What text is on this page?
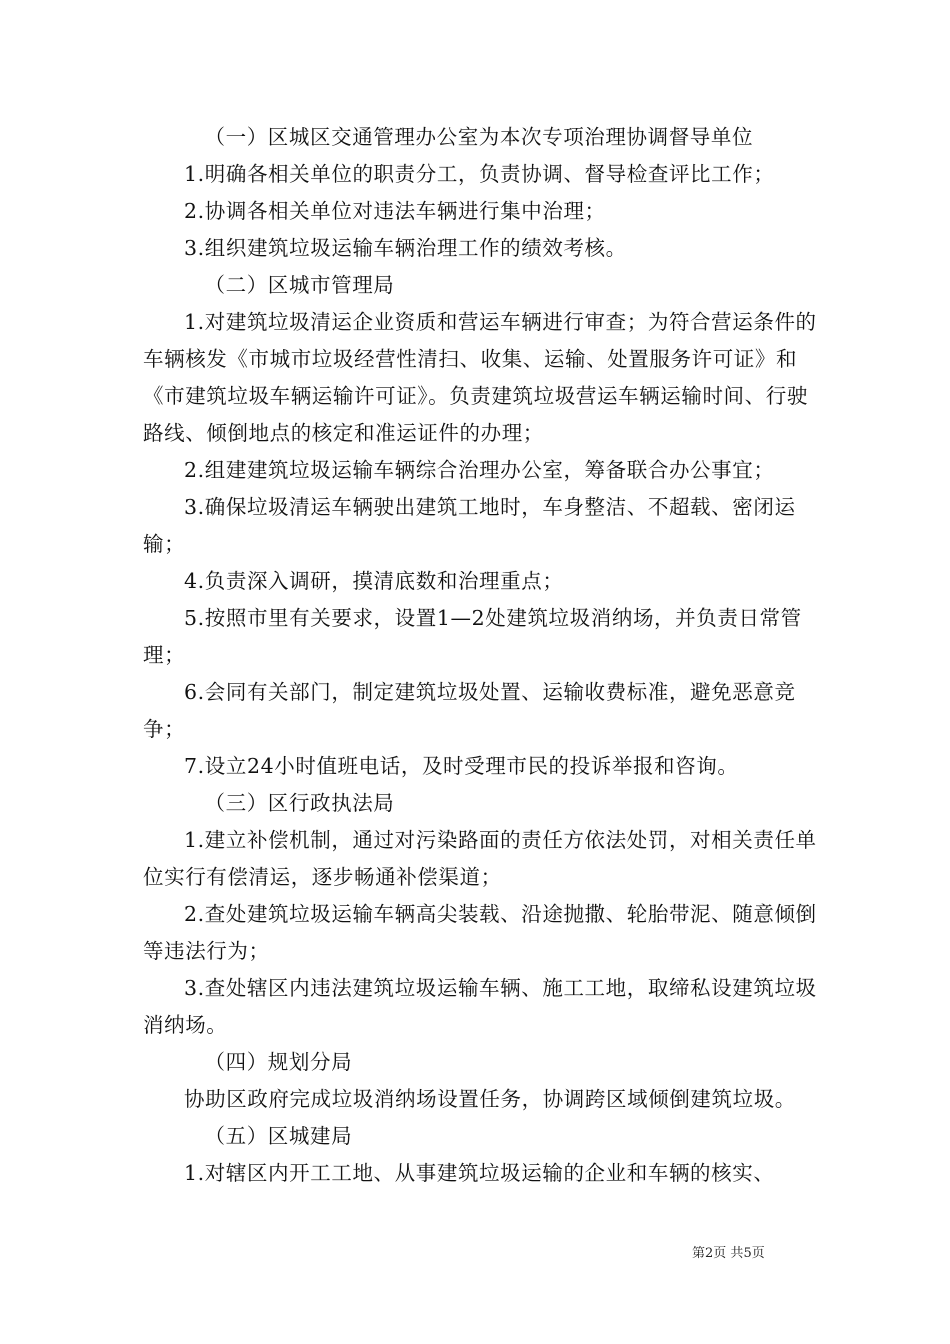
（一）区城区交通管理办公室为本次专项治理协调督导单位

1.明确各相关单位的职责分工，负责协调、督导检查评比工作；

2.协调各相关单位对违法车辆进行集中治理；

3.组织建筑垃圾运输车辆治理工作的绩效考核。

（二）区城市管理局

1.对建筑垃圾清运企业资质和营运车辆进行审查；为符合营运条件的车辆核发《市城市垃圾经营性清扫、收集、运输、处置服务许可证》和《市建筑垃圾车辆运输许可证》。负责建筑垃圾营运车辆运输时间、行驶路线、倾倒地点的核定和准运证件的办理；

2.组建建筑垃圾运输车辆综合治理办公室，筹备联合办公事宜；

3.确保垃圾清运车辆驶出建筑工地时，车身整洁、不超载、密闭运输；

4.负责深入调研，摸清底数和治理重点；

5.按照市里有关要求，设置1—2处建筑垃圾消纳场，并负责日常管理；

6.会同有关部门，制定建筑垃圾处置、运输收费标准，避免恶意竞争；

7.设立24小时值班电话，及时受理市民的投诉举报和咨询。

（三）区行政执法局

1.建立补偿机制，通过对污染路面的责任方依法处罚，对相关责任单位实行有偿清运，逐步畅通补偿渠道；

2.查处建筑垃圾运输车辆高尖装载、沿途抛撒、轮胎带泥、随意倾倒等违法行为；

3.查处辖区内违法建筑垃圾运输车辆、施工工地，取缔私设建筑垃圾消纳场。

（四）规划分局

协助区政府完成垃圾消纳场设置任务，协调跨区域倾倒建筑垃圾。

（五）区城建局

1.对辖区内开工工地、从事建筑垃圾运输的企业和车辆的核实、

第2页 共5页
